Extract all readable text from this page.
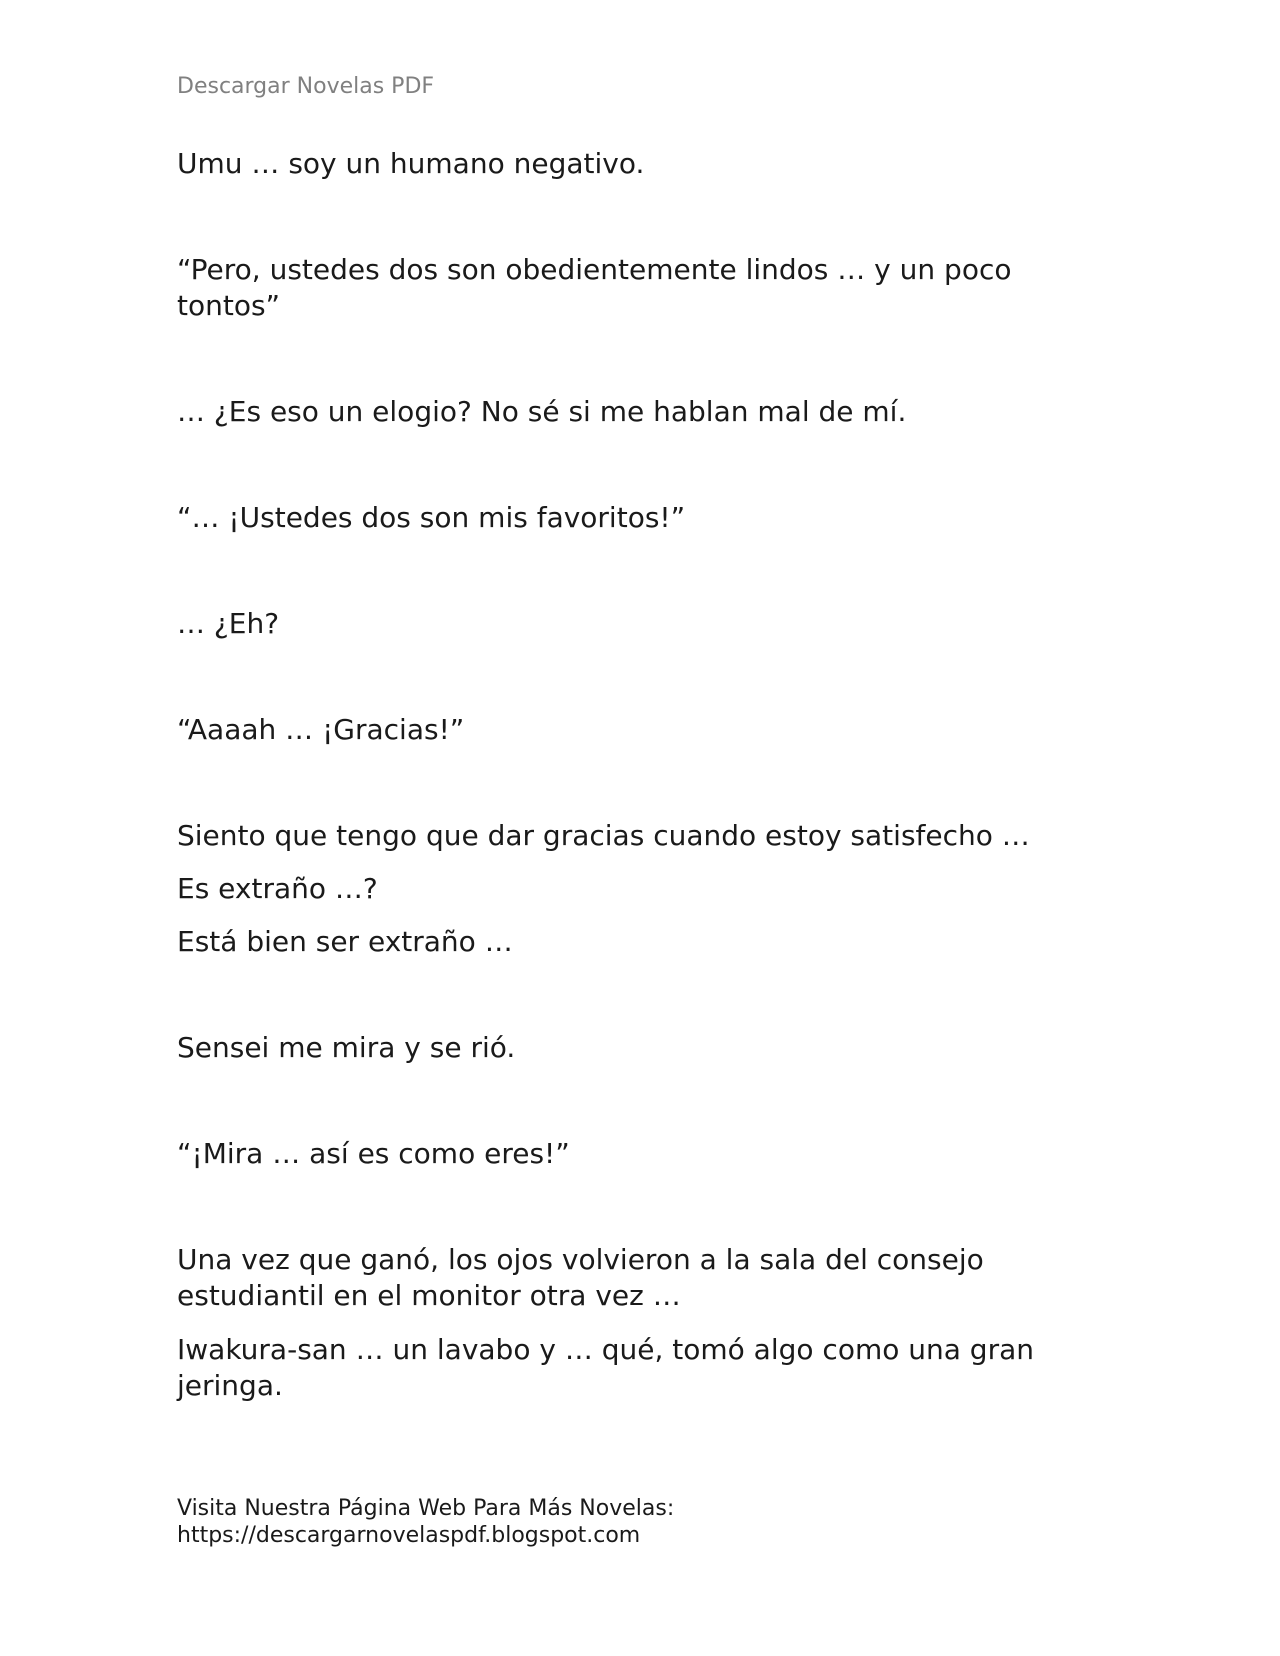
Descargar Novelas PDF

Umu … soy un humano negativo.

“Pero, ustedes dos son obedientemente lindos … y un poco tontos”

… ¿Es eso un elogio? No sé si me hablan mal de mí.

“… ¡Ustedes dos son mis favoritos!”

… ¿Eh?

“Aaaah … ¡Gracias!”

Siento que tengo que dar gracias cuando estoy satisfecho …

Es extraño …?

Está bien ser extraño …

Sensei me mira y se rió.

“¡Mira … así es como eres!”

Una vez que ganó, los ojos volvieron a la sala del consejo estudiantil en el monitor otra vez …

Iwakura-san … un lavabo y … qué, tomó algo como una gran jeringa.

Visita Nuestra Página Web Para Más Novelas:
https://descargarnovelaspdf.blogspot.com
